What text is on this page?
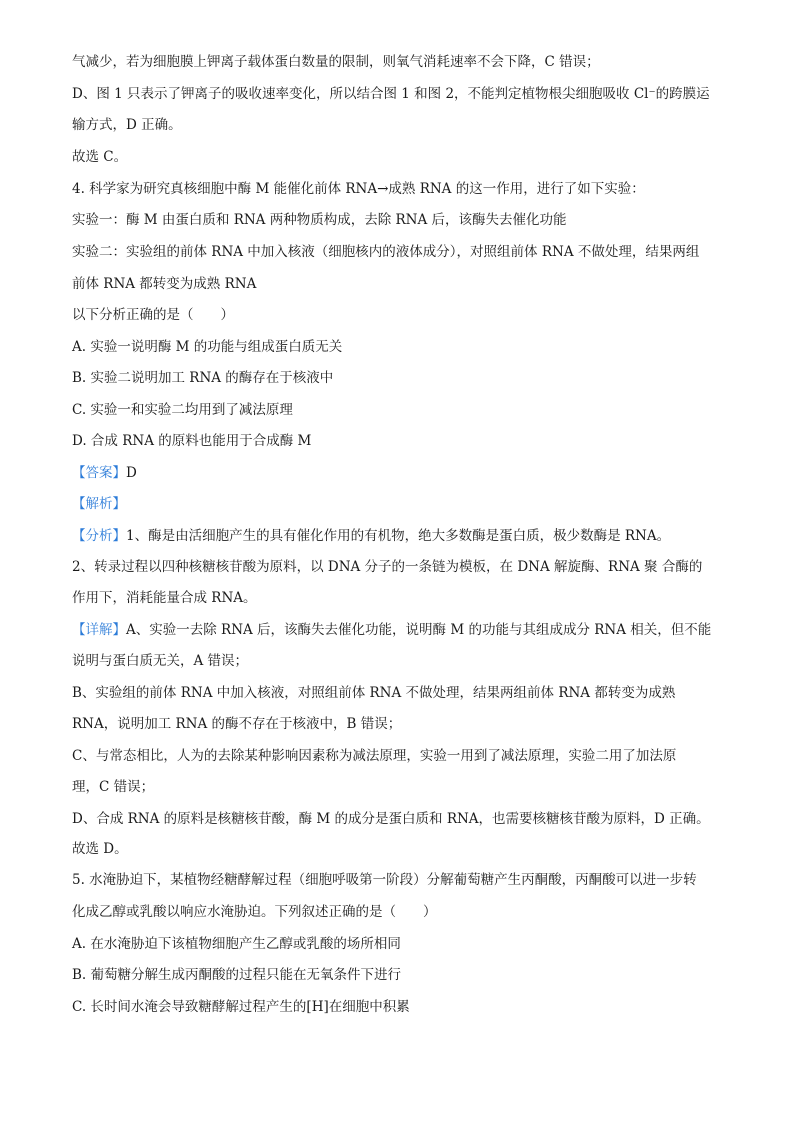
气减少，若为细胞膜上钾离子载体蛋白数量的限制，则氧气消耗速率不会下降，C 错误；
D、图 1 只表示了钾离子的吸收速率变化，所以结合图 1 和图 2，不能判定植物根尖细胞吸收 Cl⁻的跨膜运
输方式，D 正确。
故选 C。
4. 科学家为研究真核细胞中酶 M 能催化前体 RNA→成熟 RNA 的这一作用，进行了如下实验：
实验一：酶 M 由蛋白质和 RNA 两种物质构成，去除 RNA 后，该酶失去催化功能
实验二：实验组的前体 RNA 中加入核液（细胞核内的液体成分），对照组前体 RNA 不做处理，结果两组
前体 RNA 都转变为成熟 RNA
以下分析正确的是（　　）
A. 实验一说明酶 M 的功能与组成蛋白质无关
B. 实验二说明加工 RNA 的酶存在于核液中
C. 实验一和实验二均用到了减法原理
D. 合成 RNA 的原料也能用于合成酶 M
【答案】D
【解析】
【分析】1、酶是由活细胞产生的具有催化作用的有机物，绝大多数酶是蛋白质，极少数酶是 RNA。
2、转录过程以四种核糖核苷酸为原料，以 DNA 分子的一条链为模板，在 DNA 解旋酶、RNA 聚 合酶的
作用下，消耗能量合成 RNA。
【详解】A、实验一去除 RNA 后，该酶失去催化功能，说明酶 M 的功能与其组成成分 RNA 相关，但不能
说明与蛋白质无关，A 错误；
B、实验组的前体 RNA 中加入核液，对照组前体 RNA 不做处理，结果两组前体 RNA 都转变为成熟
RNA，说明加工 RNA 的酶不存在于核液中，B 错误；
C、与常态相比，人为的去除某种影响因素称为减法原理，实验一用到了减法原理，实验二用了加法原
理，C 错误；
D、合成 RNA 的原料是核糖核苷酸，酶 M 的成分是蛋白质和 RNA，也需要核糖核苷酸为原料，D 正确。
故选 D。
5. 水淹胁迫下，某植物经糖酵解过程（细胞呼吸第一阶段）分解葡萄糖产生丙酮酸，丙酮酸可以进一步转
化成乙醇或乳酸以响应水淹胁迫。下列叙述正确的是（　　）
A. 在水淹胁迫下该植物细胞产生乙醇或乳酸的场所相同
B. 葡萄糖分解生成丙酮酸的过程只能在无氧条件下进行
C. 长时间水淹会导致糖酵解过程产生的[H]在细胞中积累
